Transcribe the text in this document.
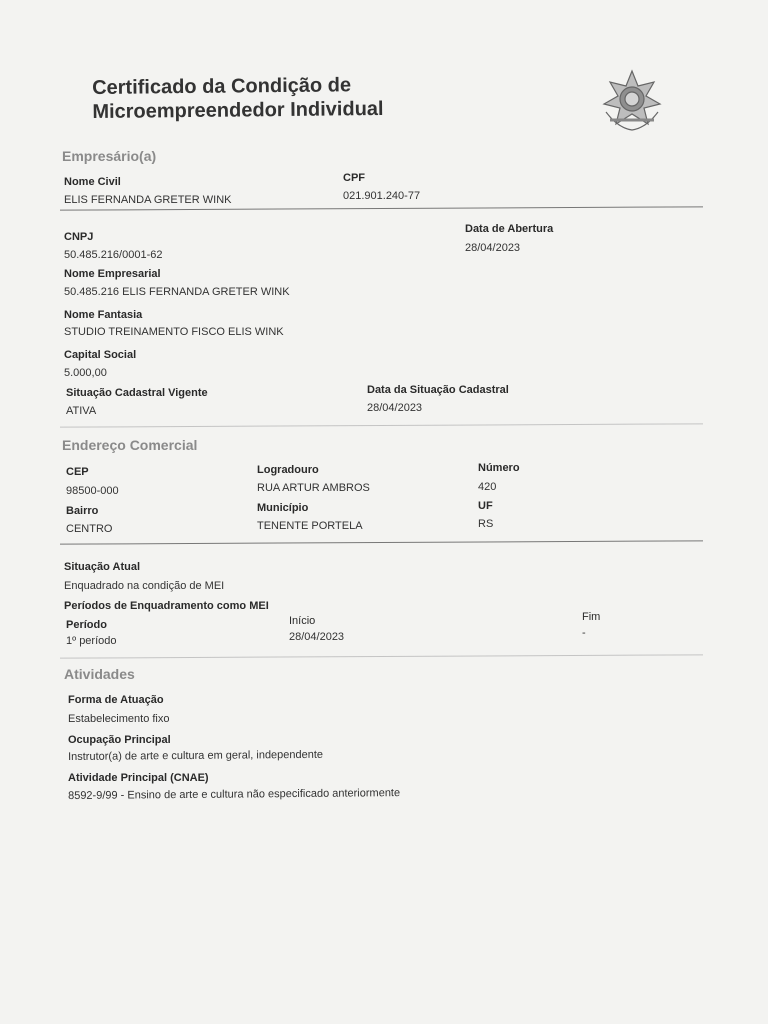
Certificado da Condição de
Microempreendedor Individual
Empresário(a)
Nome Civil
ELIS FERNANDA GRETER WINK
CPF
021.901.240-77
CNPJ
50.485.216/0001-62
Data de Abertura
28/04/2023
Nome Empresarial
50.485.216 ELIS FERNANDA GRETER WINK
Nome Fantasia
STUDIO TREINAMENTO FISCO ELIS WINK
Capital Social
5.000,00
Situação Cadastral Vigente
ATIVA
Data da Situação Cadastral
28/04/2023
Endereço Comercial
CEP
98500-000
Logradouro
RUA ARTUR AMBROS
Número
420
Bairro
CENTRO
Município
TENENTE PORTELA
UF
RS
Situação Atual
Enquadrado na condição de MEI
Períodos de Enquadramento como MEI
Período
1º período
Início
28/04/2023
Fim
-
Atividades
Forma de Atuação
Estabelecimento fixo
Ocupação Principal
Instrutor(a) de arte e cultura em geral, independente
Atividade Principal (CNAE)
8592-9/99 - Ensino de arte e cultura não especificado anteriormente
